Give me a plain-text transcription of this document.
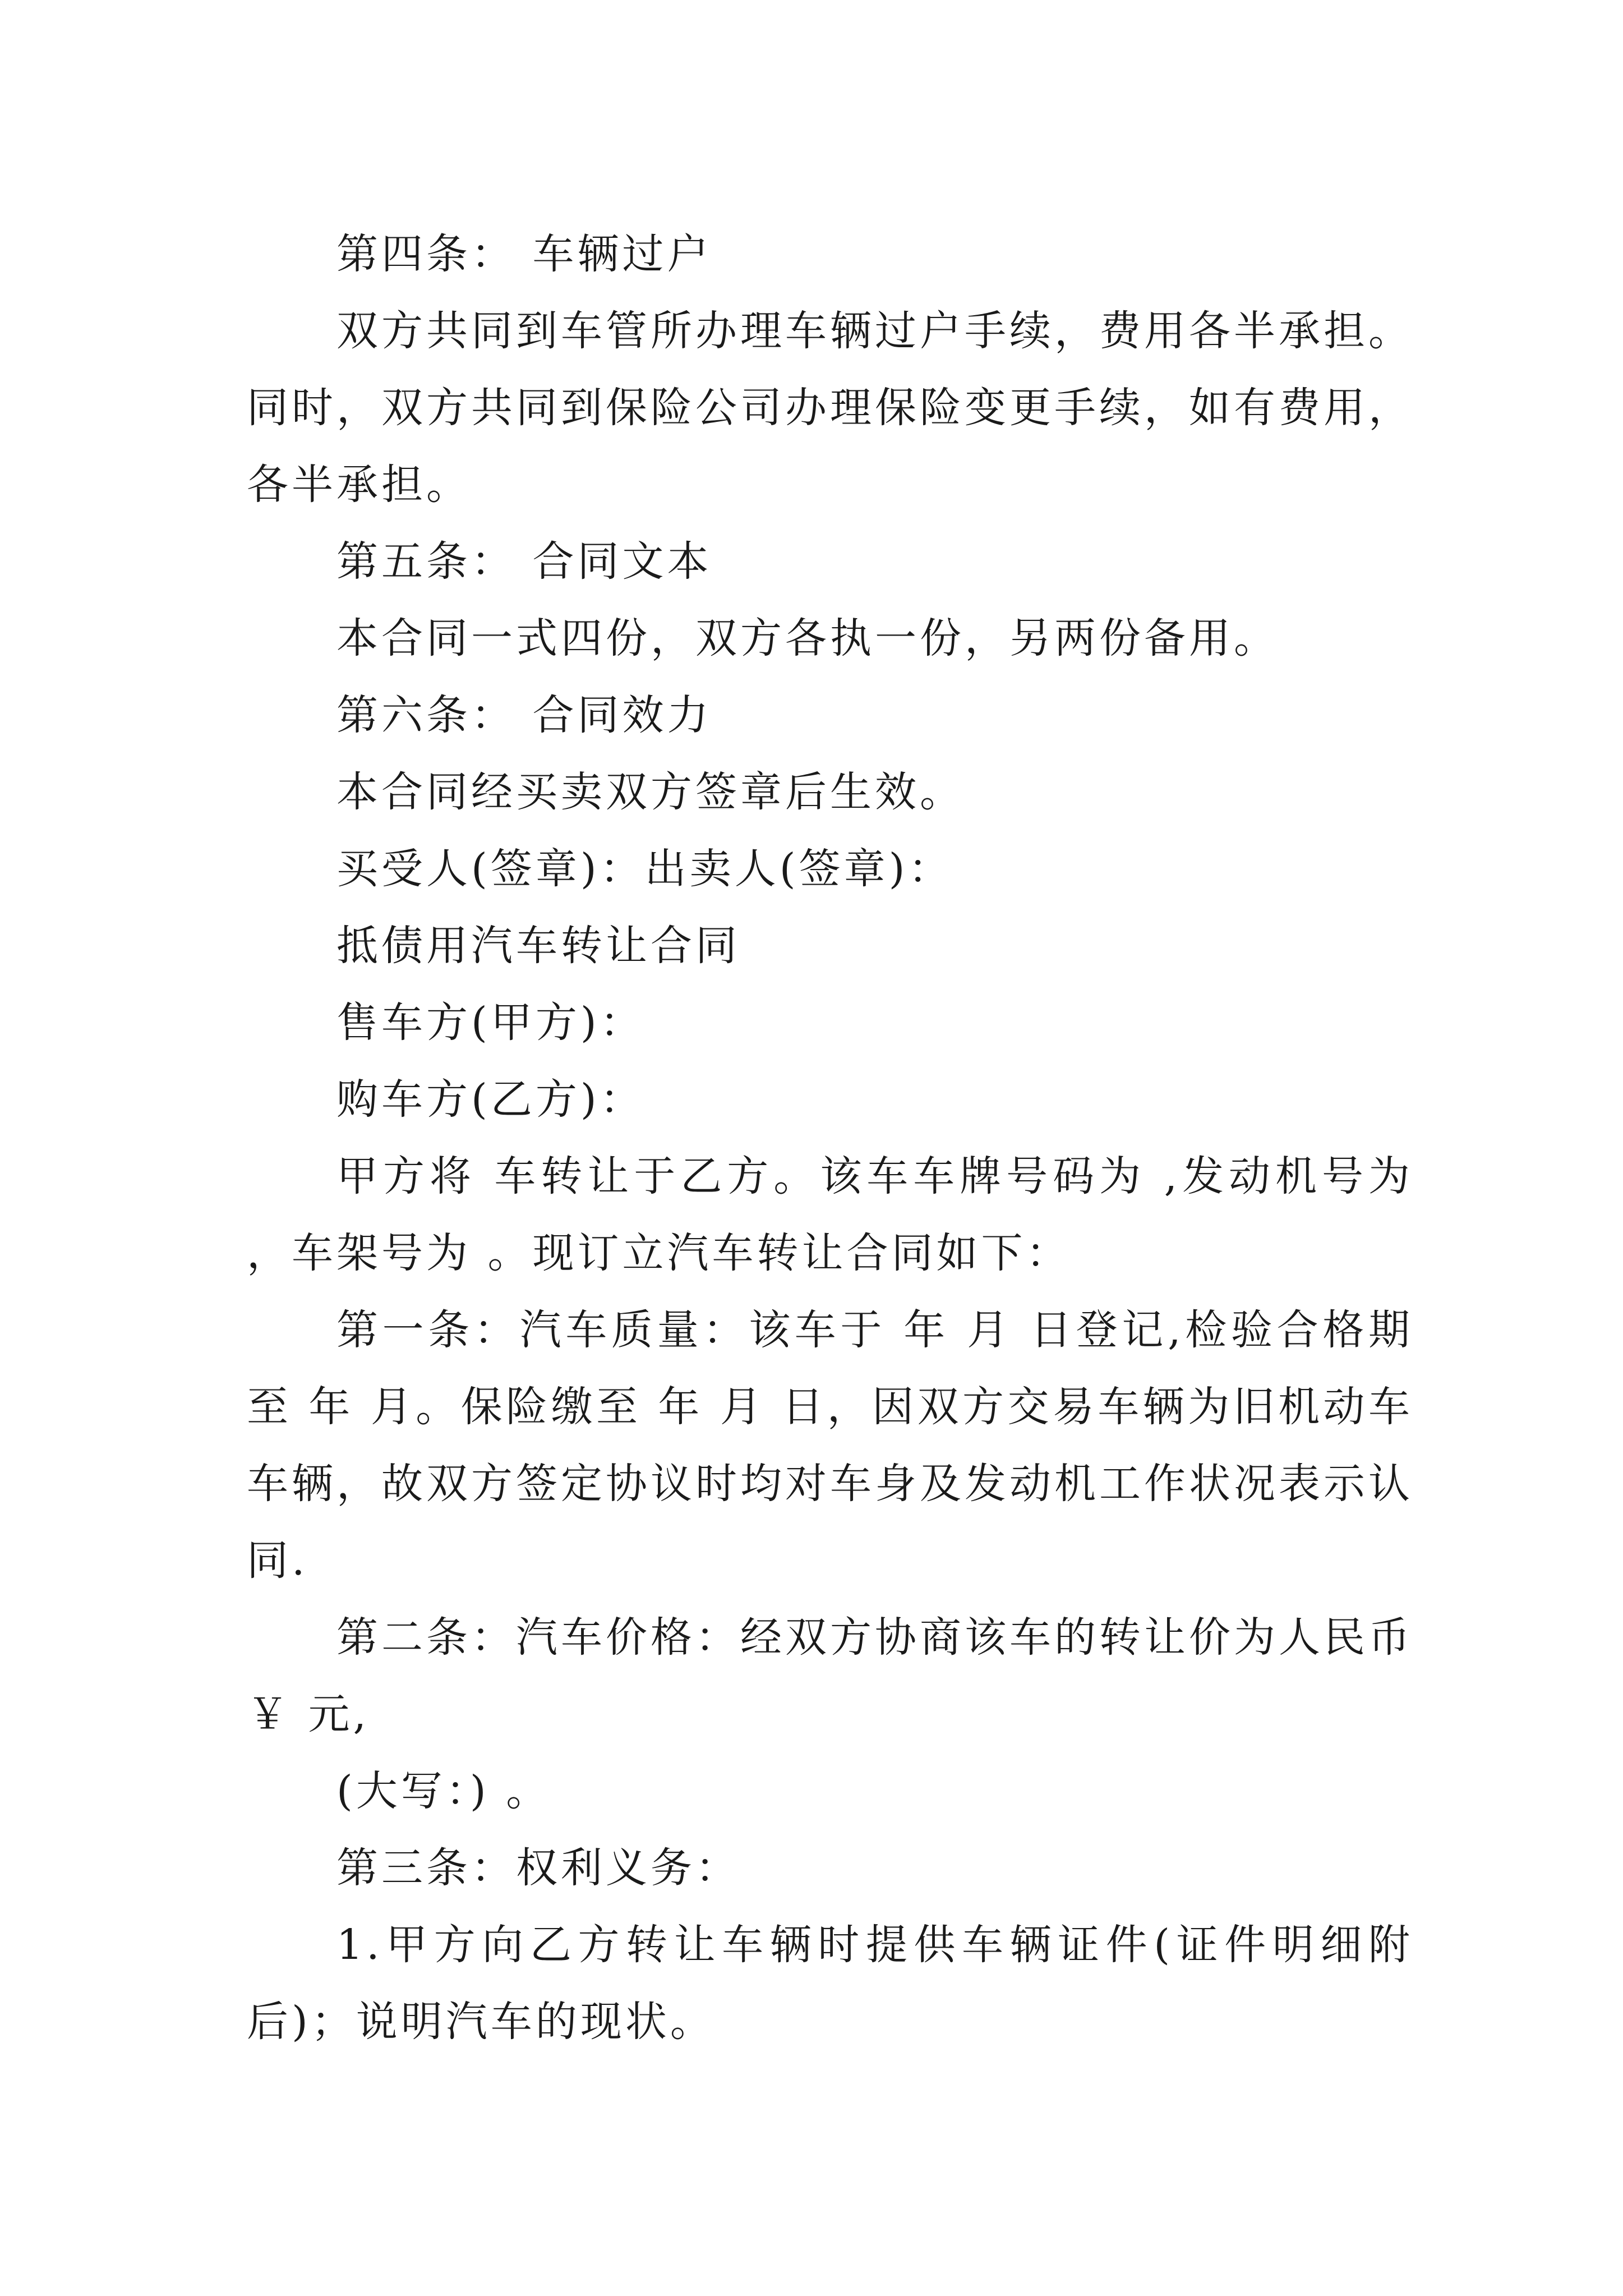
第四条： 车辆过户

双方共同到车管所办理车辆过户手续，费用各半承担。同时，双方共同到保险公司办理保险变更手续，如有费用，各半承担。

第五条： 合同文本

本合同一式四份，双方各执一份，另两份备用。

第六条： 合同效力

本合同经买卖双方签章后生效。

买受人(签章)：出卖人(签章)：

抵债用汽车转让合同

售车方(甲方)：

购车方(乙方)：

甲方将 车转让于乙方。该车车牌号码为 ,发动机号为 ，车架号为 。现订立汽车转让合同如下：

第一条：汽车质量：该车于 年 月 日登记,检验合格期至 年 月。保险缴至 年 月 日，因双方交易车辆为旧机动车车辆，故双方签定协议时均对车身及发动机工作状况表示认同.

第二条：汽车价格：经双方协商该车的转让价为人民币￥ 元,

(大写：) 。

第三条：权利义务：

1.甲方向乙方转让车辆时提供车辆证件(证件明细附后)；说明汽车的现状。
